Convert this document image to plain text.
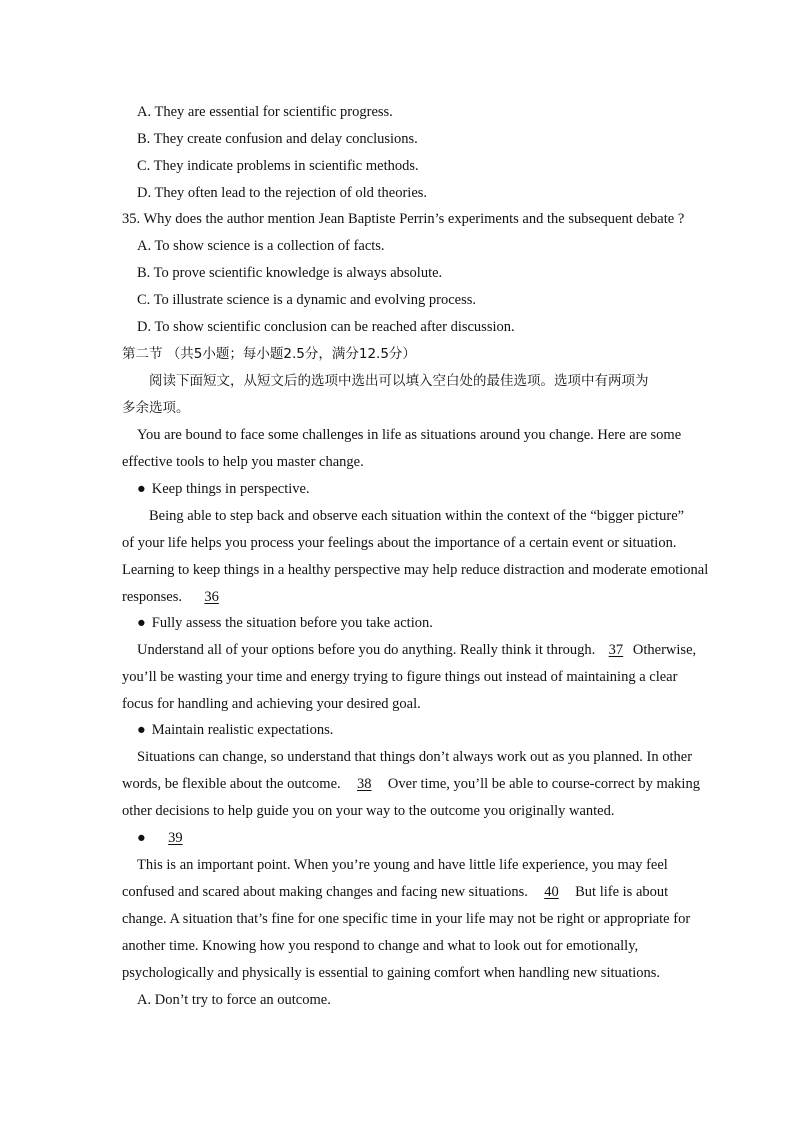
A. They are essential for scientific progress.
B. They create confusion and delay conclusions.
C. They indicate problems in scientific methods.
D. They often lead to the rejection of old theories.
35. Why does the author mention Jean Baptiste Perrin’s experiments and the subsequent debate ?
A. To show science is a collection of facts.
B. To prove scientific knowledge is always absolute.
C. To illustrate science is a dynamic and evolving process.
D. To show scientific conclusion can be reached after discussion.
第二节 （共5小题；每小题2.5分，满分12.5分）
阅读下面短文，从短文后的选项中选出可以填入空白处的最佳选项。选项中有两项为
多余选项。
You are bound to face some challenges in life as situations around you change. Here are some
effective tools to help you master change.
● Keep things in perspective.
Being able to step back and observe each situation within the context of the “bigger picture”
of your life helps you process your feelings about the importance of a certain event or situation.
Learning to keep things in a healthy perspective may help reduce distraction and moderate emotional
responses. 36
● Fully assess the situation before you take action.
Understand all of your options before you do anything. Really think it through. 37 Otherwise,
you’ll be wasting your time and energy trying to figure things out instead of maintaining a clear
focus for handling and achieving your desired goal.
● Maintain realistic expectations.
Situations can change, so understand that things don’t always work out as you planned. In other
words, be flexible about the outcome. 38 Over time, you’ll be able to course-correct by making
other decisions to help guide you on your way to the outcome you originally wanted.
● 39
This is an important point. When you’re young and have little life experience, you may feel
confused and scared about making changes and facing new situations. 40 But life is about
change. A situation that’s fine for one specific time in your life may not be right or appropriate for
another time. Knowing how you respond to change and what to look out for emotionally,
psychologically and physically is essential to gaining comfort when handling new situations.
A. Don’t try to force an outcome.
